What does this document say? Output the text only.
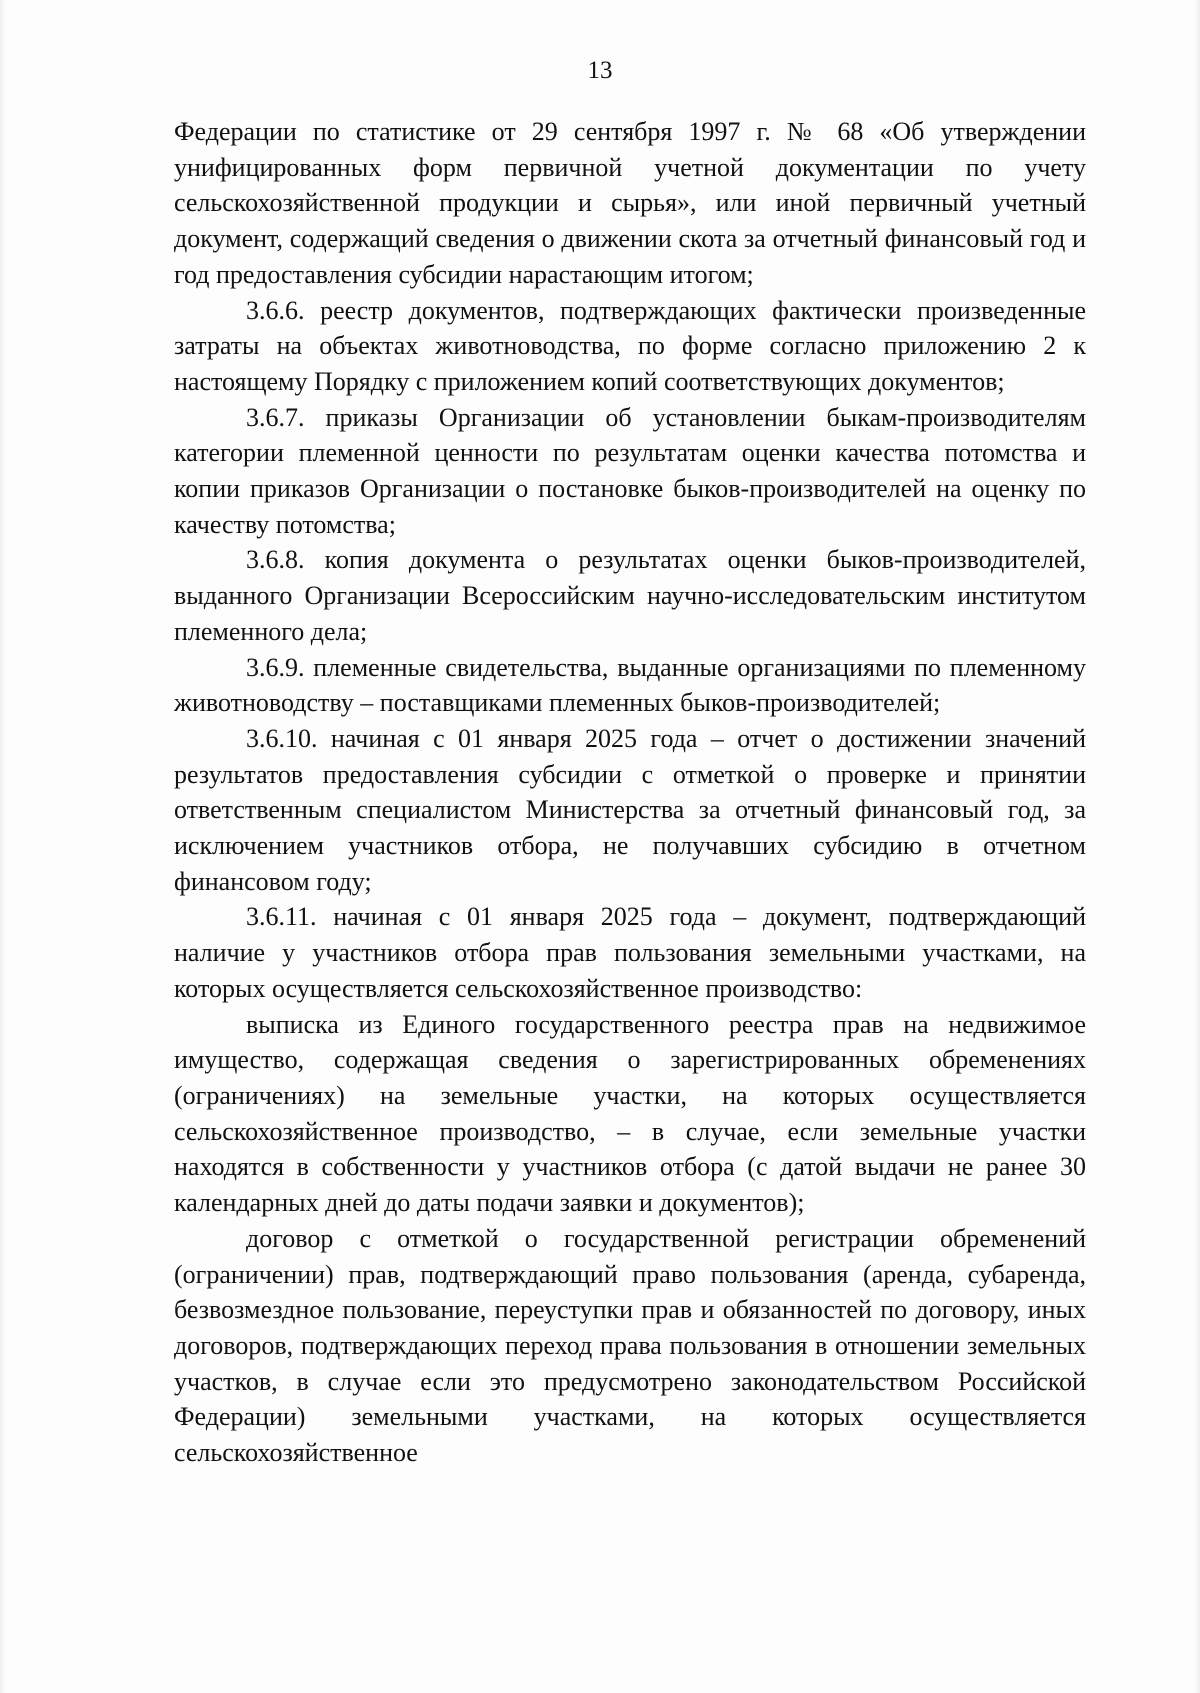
13

Федерации по статистике от 29 сентября 1997 г. № 68 «Об утверждении унифицированных форм первичной учетной документации по учету сельскохозяйственной продукции и сырья», или иной первичный учетный документ, содержащий сведения о движении скота за отчетный финансовый год и год предоставления субсидии нарастающим итогом;

3.6.6. реестр документов, подтверждающих фактически произведенные затраты на объектах животноводства, по форме согласно приложению 2 к настоящему Порядку с приложением копий соответствующих документов;

3.6.7. приказы Организации об установлении быкам-производителям категории племенной ценности по результатам оценки качества потомства и копии приказов Организации о постановке быков-производителей на оценку по качеству потомства;

3.6.8. копия документа о результатах оценки быков-производителей, выданного Организации Всероссийским научно-исследовательским институтом племенного дела;

3.6.9. племенные свидетельства, выданные организациями по племенному животноводству – поставщиками племенных быков-производителей;

3.6.10. начиная с 01 января 2025 года – отчет о достижении значений результатов предоставления субсидии с отметкой о проверке и принятии ответственным специалистом Министерства за отчетный финансовый год, за исключением участников отбора, не получавших субсидию в отчетном финансовом году;

3.6.11. начиная с 01 января 2025 года – документ, подтверждающий наличие у участников отбора прав пользования земельными участками, на которых осуществляется сельскохозяйственное производство:

выписка из Единого государственного реестра прав на недвижимое имущество, содержащая сведения о зарегистрированных обременениях (ограничениях) на земельные участки, на которых осуществляется сельскохозяйственное производство, – в случае, если земельные участки находятся в собственности у участников отбора (с датой выдачи не ранее 30 календарных дней до даты подачи заявки и документов);

договор с отметкой о государственной регистрации обременений (ограничении) прав, подтверждающий право пользования (аренда, субаренда, безвозмездное пользование, переуступки прав и обязанностей по договору, иных договоров, подтверждающих переход права пользования в отношении земельных участков, в случае если это предусмотрено законодательством Российской Федерации) земельными участками, на которых осуществляется сельскохозяйственное
